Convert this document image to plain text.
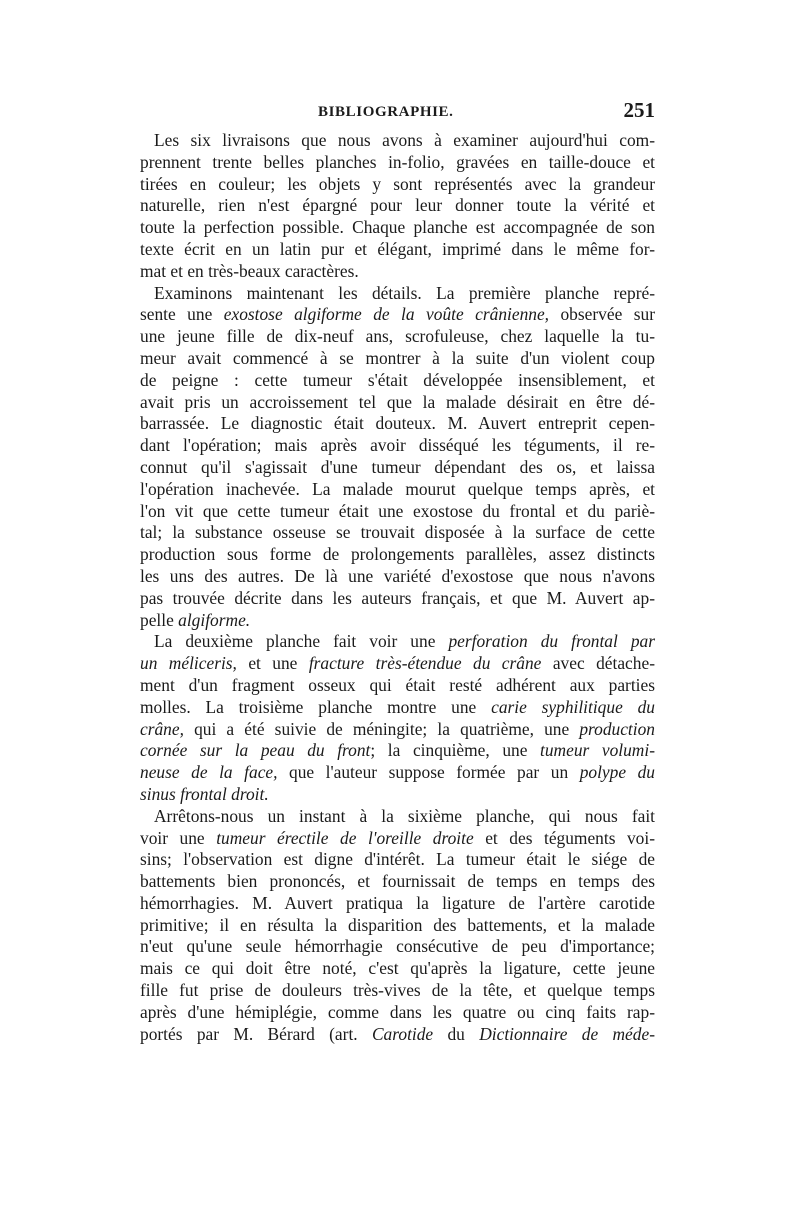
BIBLIOGRAPHIE.	251
Les six livraisons que nous avons à examiner aujourd'hui com-
prennent trente belles planches in-folio, gravées en taille-douce et
tirées en couleur; les objets y sont représentés avec la grandeur
naturelle, rien n'est épargné pour leur donner toute la vérité et
toute la perfection possible. Chaque planche est accompagnée de son
texte écrit en un latin pur et élégant, imprimé dans le même for-
mat et en très-beaux caractères.
Examinons maintenant les détails. La première planche repré-
sente une exostose algiforme de la voûte crânienne, observée sur
une jeune fille de dix-neuf ans, scrofuleuse, chez laquelle la tu-
meur avait commencé à se montrer à la suite d'un violent coup
de peigne : cette tumeur s'était développée insensiblement, et
avait pris un accroissement tel que la malade désirait en être dé-
barrassée. Le diagnostic était douteux. M. Auvert entreprit cepen-
dant l'opération; mais après avoir disséqué les téguments, il re-
connut qu'il s'agissait d'une tumeur dépendant des os, et laissa
l'opération inachevée. La malade mourut quelque temps après, et
l'on vit que cette tumeur était une exostose du frontal et du pariè-
tal; la substance osseuse se trouvait disposée à la surface de cette
production sous forme de prolongements parallèles, assez distincts
les uns des autres. De là une variété d'exostose que nous n'avons
pas trouvée décrite dans les auteurs français, et que M. Auvert ap-
pelle algiforme.
La deuxième planche fait voir une perforation du frontal par
un méliceris, et une fracture très-étendue du crâne avec détache-
ment d'un fragment osseux qui était resté adhérent aux parties
molles. La troisième planche montre une carie syphilitique du
crâne, qui a été suivie de méningite; la quatrième, une production
cornée sur la peau du front; la cinquième, une tumeur volumi-
neuse de la face, que l'auteur suppose formée par un polype du
sinus frontal droit.
Arrêtons-nous un instant à la sixième planche, qui nous fait
voir une tumeur érectile de l'oreille droite et des téguments voi-
sins; l'observation est digne d'intérêt. La tumeur était le siége de
battements bien prononcés, et fournissait de temps en temps des
hémorrhagies. M. Auvert pratiqua la ligature de l'artère carotide
primitive; il en résulta la disparition des battements, et la malade
n'eut qu'une seule hémorrhagie consécutive de peu d'importance;
mais ce qui doit être noté, c'est qu'après la ligature, cette jeune
fille fut prise de douleurs très-vives de la tête, et quelque temps
après d'une hémiplégie, comme dans les quatre ou cinq faits rap-
portés par M. Bérard (art. Carotide du Dictionnaire de méde-
